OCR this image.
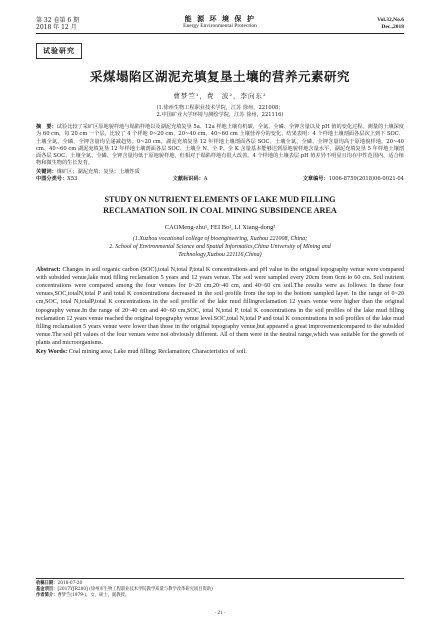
第 32 卷第 6 期
2018 年 12 月
能 源 环 境 保 护
Energy Environmental Protection
Vol.32,No.6
Dec.,2018
试验研究
采煤塌陷区湖泥充填复垦土壤的营养元素研究
曹梦竺¹，费　波²，李向东²
(1.徐州生物工程职业技术学院，江苏 徐州，221008；
2.中国矿业大学环境与测绘学院，江苏 徐州，221116)

摘　要：试验比较了采矿区原地貌样地与塌陷样地以及湖泥充填复垦 5a、12a 样地土壤有机碳、全氮、全磷、全钾含量以及 pH 值的变化过程。测量的土壤深度为 60 cm，每 20 cm 一个层，比较了 4 个样地 0~20 cm、20~40 cm、40~60 cm 土壤营养分的变化。结果表明：4 个样地土壤剖面各层次上到下 SOC、土壤全氮、全磷、全钾含量均呈递减趋势。0~20 cm，湖泥充填复垦 12 年样地土壤剖面各层 SOC、土壤全氮、全磷、全钾含量均高于原地貌样地。20~40 cm、40~60 cm 湖泥充填复垦 12 年样地土壤剖面各层 SOC、土壤全 N、全 P、全 K 含量基本能够达到原地貌样地含量水平，湖泥充填复垦 5 年样地土壤剖面各层 SOC、土壤全氮、全磷、全钾含量均低于原地貌样地，但相对于塌陷样地有很大改善。4 个样地的土壤表层 pH 值差异不明显且均在中性范围内，适合植物和微生物的生长发育。

关键词：煤矿区；湖泥充填；复垦；土壤性质

中图分类号：X53	文献标识码：A	文章编号：1006-8759(2018)06-0021-04
STUDY ON NUTRIENT ELEMENTS OF LAKE MUD FILLING
RECLAMATION SOIL IN COAL MINING SUBSIDENCE AREA
CAOMeng-zhu¹, FEI Bo², LI Xiang-dong²
(1.Xuzhou vocational college of bioengineering, Xuzhou 221008, China;
2. School of Environmental Science and Spatial Informatics,China University of Mining and
Technology,Xuzhou 221116,China)

Abstract: Changes in soil organic carbon (SOC),total N,total P,total K concentrations and pH value in the original topography venue were compared with subsided venue,lake mud filling reclamation 5 years and 12 years venue. The soil were sampled every 20cm from 0cm to 60 cm. Soil nutrient concentrations were compared among the four venues for 0~20 cm,20~40 cm, and 40~60 cm soil.The results were as follows: In these four venues,SOC,totalN,total P and total K concentrations decreased in the soil profile from the top to the bottom sampled layer. In the range of 0~20 cm,SOC, total N,totalP,total K concentrations in the soil profile of the lake mud fillingreclamation 12 years venue were higher than the original topography venue.In the range of 20~40 cm and 40~60 cm,SOC, total N,total P, total K concentrations in the soil profiles of the lake mud filling reclamation 12 years venue reached the original topography venue level.SOC,total N,total P and total K concentrations in soil profiles of the lake mud filling reclamation 5 years venue were lower than those in the original topography venue,but appeared a great improvementcompared to the subsided venue.The soil pH values of the four venues were not obviously different. All of them were in the neutral range,which was suitable for the growth of plants and microorganisms.

Key Words: Coal mining area; Lake mud filling; Reclamation; Characteristics of soil.

收稿日期：2018-07-20

基金项目：[2017YJR200] (徐州市生物工程职业技术学院教学质量与教学改革研究项目资助)

作者简介：曹梦竺(1979-)，女，硕士，副教授。

· 21 ·
